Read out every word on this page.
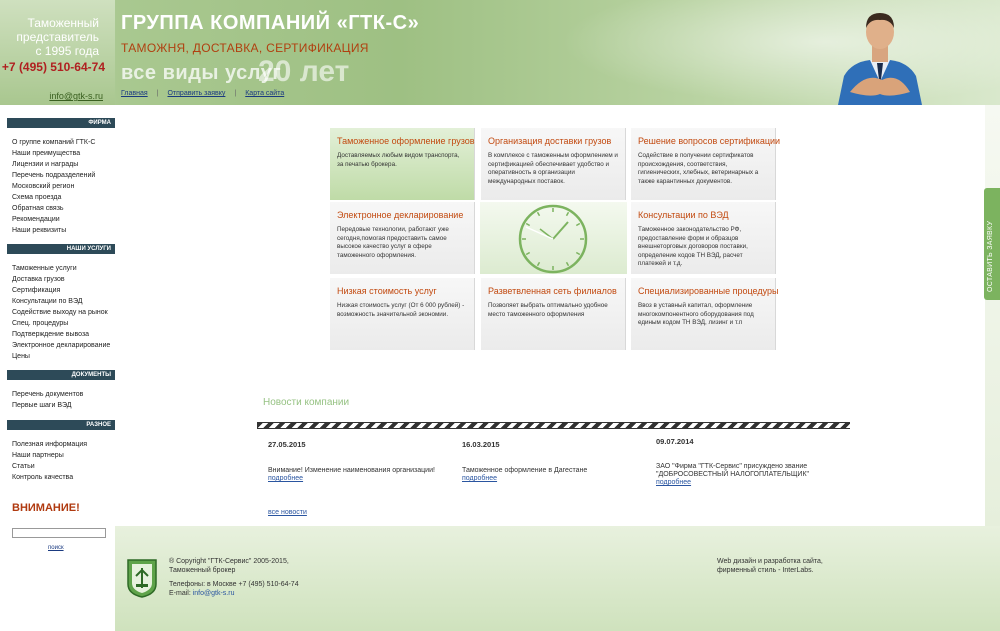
Таможенный представитель
с 1995 года
+7 (495) 510-64-74
info@gtk-s.ru
ГРУППА КОМПАНИЙ «ГТК-С»
ТАМОЖНЯ, ДОСТАВКА, СЕРТИФИКАЦИЯ
все виды услуг
20 лет
Главная | Отправить заявку | Карта сайта
ФИРМА
О группе компаний ГТК-С
Наши преимущества
Лицензии и награды
Перечень подразделений
Московский регион
Схема проезда
Обратная связь
Рекомендации
Наши реквизиты
НАШИ УСЛУГИ
Таможенные услуги
Доставка грузов
Сертификация
Консультации по ВЭД
Содействие выходу на рынок
Спец. процедуры
Подтверждение вывоза
Электронное декларирование
Цены
ДОКУМЕНТЫ
Перечень документов
Первые шаги ВЭД
РАЗНОЕ
Полезная информация
Наши партнеры
Статьи
Контроль качества
ВНИМАНИЕ!
поиск
ОСТАВИТЬ ЗАЯВКУ
Таможенное оформление грузов
Доставляемых любым видом транспорта, за печатью брокера.
Организация доставки грузов
В комплексе с таможенным оформлением и сертификацией обеспечивает удобство и оперативность в организации международных поставок.
Решение вопросов сертификации
Содействие в получении сертификатов происхождения, соответствия, гигиенических, хлебных, ветеринарных а также карантинных документов.
Электронное декларирование
Передовые технологии, работают уже сегодня,помогая предоставить самое высокое качество услуг в сфере таможенного оформления.
Консультации по ВЭД
Таможенное законодательство РФ, предоставление форм и образцов внешнеторговых договоров поставки, определение кодов ТН ВЭД, расчет платежей и т.д.
Низкая стоимость услуг
Низкая стоимость услуг (От 6 000 рублей) - возможность значительной экономии.
Разветвленная сеть филиалов
Позволяет выбрать оптимально удобное место таможенного оформления
Специализированные процедуры
Ввоз в уставный капитал, оформление многокомпонентного оборудования под единым кодом ТН ВЭД, лизинг и т.п
Новости компании
27.05.2015
Внимание! Изменение наименования организации!
подробнее
16.03.2015
Таможенное оформление в Дагестане
подробнее
09.07.2014
ЗАО "Фирма "ГТК-Сервис" присуждено звание "ДОБРОСОВЕСТНЫЙ НАЛОГОПЛАТЕЛЬЩИК"
подробнее
все новости
® Copyright "ГТК-Сервис" 2005-2015,
Таможенный брокер
Телефоны: в Москве +7 (495) 510-64-74
E-mail: info@gtk-s.ru
Web дизайн и разработка сайта,
фирменный стиль - InterLabs.
